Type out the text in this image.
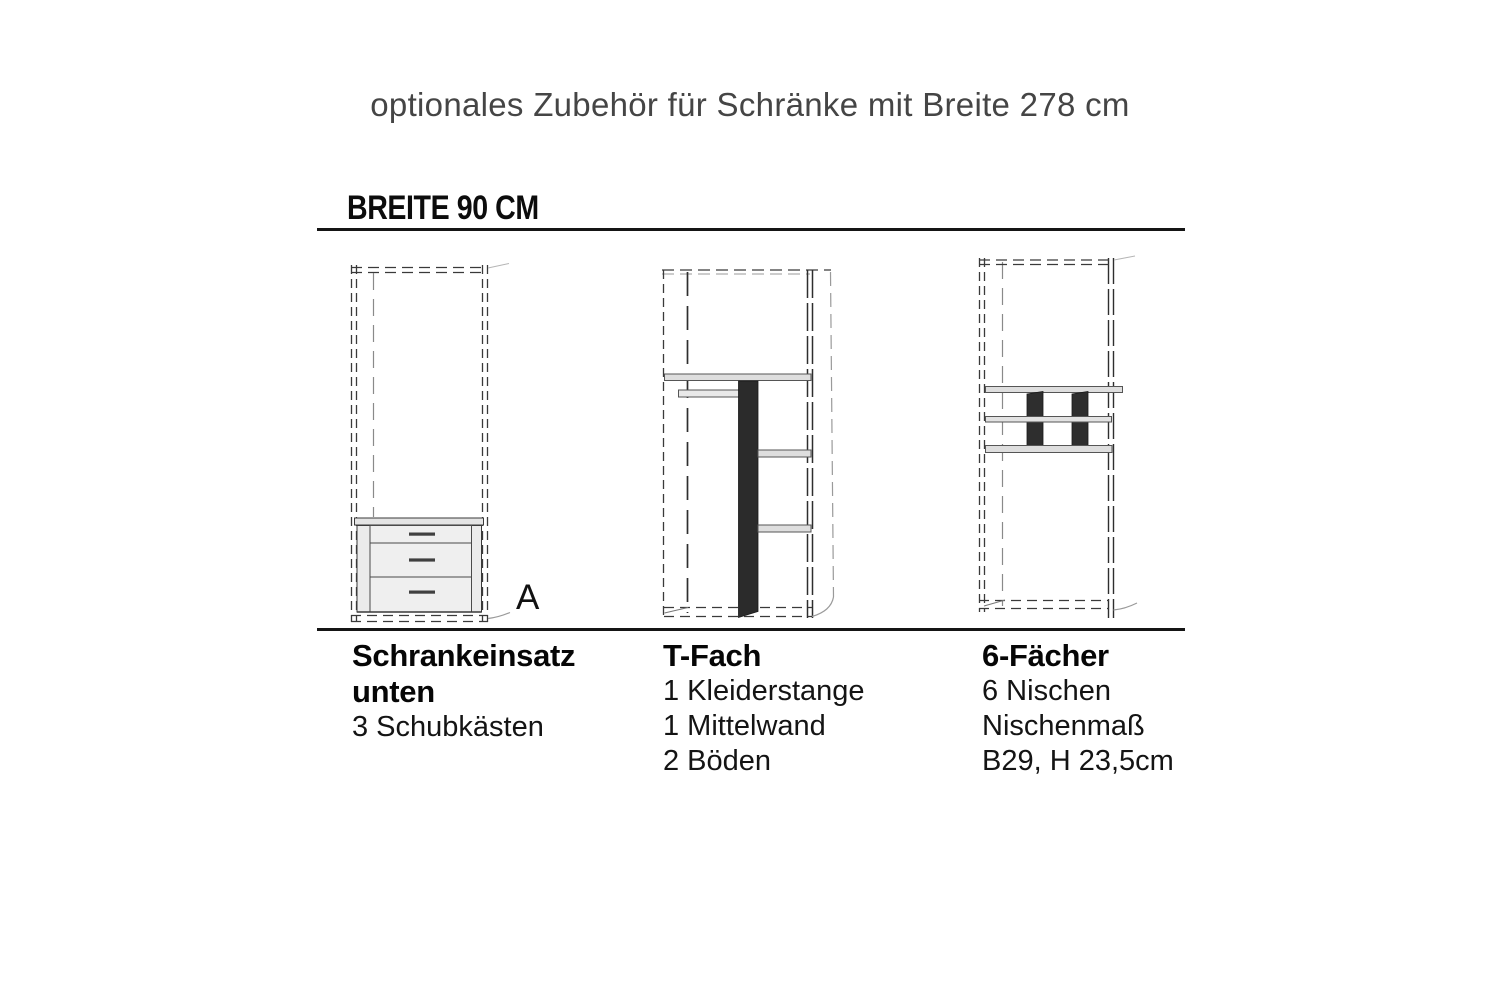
optionales Zubehör für Schränke mit Breite 278 cm
BREITE 90 CM
A
Schrankeinsatz unten
3 Schubkästen
T-Fach
1 Kleiderstange
1 Mittelwand
2 Böden
6-Fächer
6 Nischen
Nischenmaß
B29, H 23,5cm
